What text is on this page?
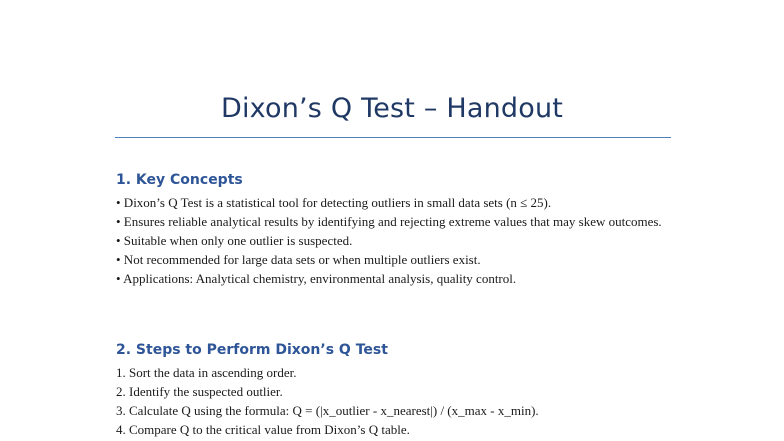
Dixon’s Q Test – Handout
1. Key Concepts
• Dixon’s Q Test is a statistical tool for detecting outliers in small data sets (n ≤ 25).
• Ensures reliable analytical results by identifying and rejecting extreme values that may skew outcomes.
• Suitable when only one outlier is suspected.
• Not recommended for large data sets or when multiple outliers exist.
• Applications: Analytical chemistry, environmental analysis, quality control.
2. Steps to Perform Dixon’s Q Test
1. Sort the data in ascending order.
2. Identify the suspected outlier.
3. Calculate Q using the formula: Q = (|x_outlier - x_nearest|) / (x_max - x_min).
4. Compare Q to the critical value from Dixon’s Q table.
